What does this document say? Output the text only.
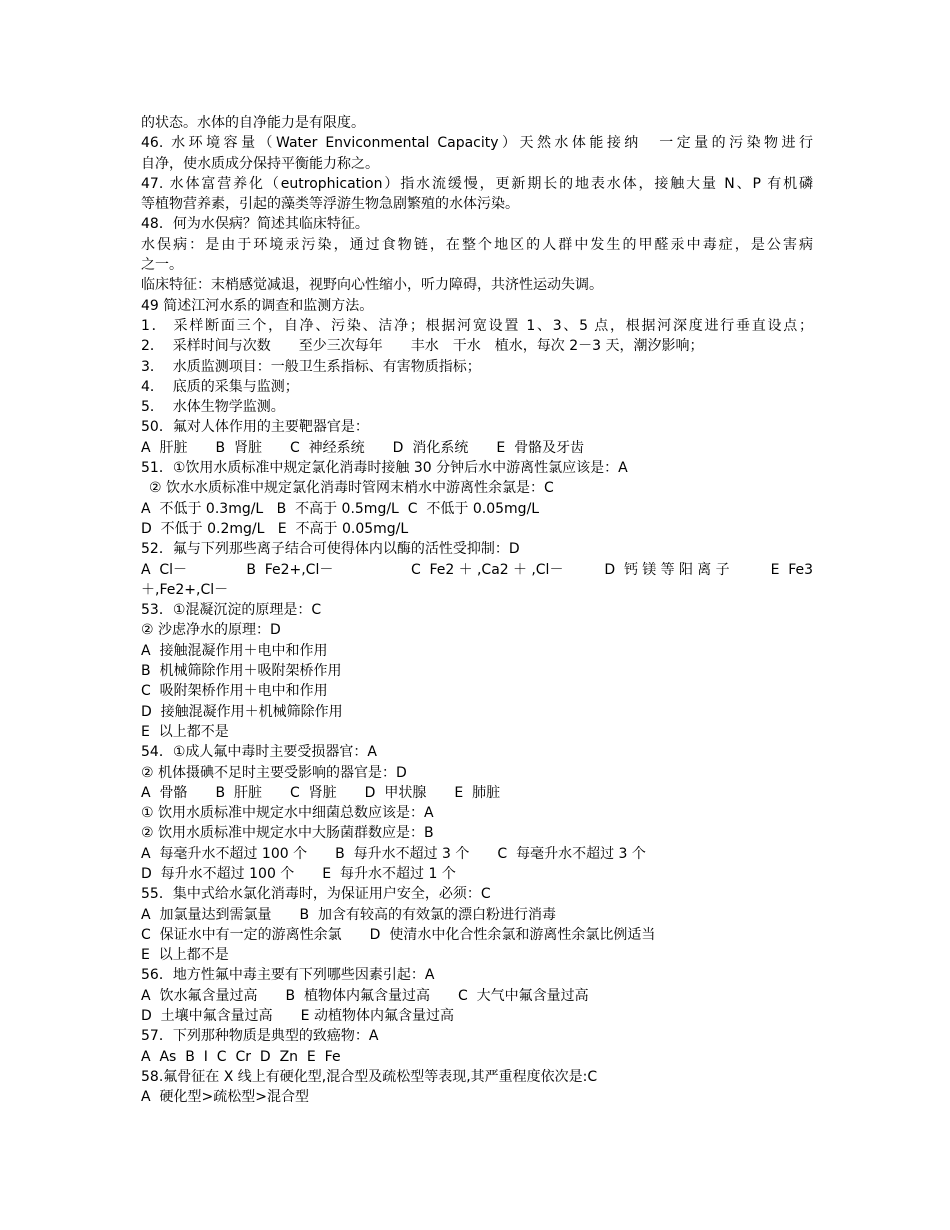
的状态。水体的自净能力是有限度。

46. 水环境容量（Water Enviconmental Capacity）天然水体能接纳　一定量的污染物进行

自净，使水质成分保持平衡能力称之。

47. 水体富营养化（eutrophication）指水流缓慢，更新期长的地表水体，接触大量 N、P 有机磷

等植物营养素，引起的藻类等浮游生物急剧繁殖的水体污染。

48．何为水俣病？简述其临床特征。

水俣病：是由于环境汞污染，通过食物链，在整个地区的人群中发生的甲醛汞中毒症，是公害病

之一。

临床特征：末梢感觉减退，视野向心性缩小，听力障碍，共济性运动失调。

49 简述江河水系的调查和监测方法。

1． 采样断面三个，自净、污染、洁净；根据河宽设置 1、3、5 点，根据河深度进行垂直设点；

2．  采样时间与次数　　至少三次每年　　丰水　干水　植水，每次 2－3 天，潮汐影响；

3．  水质监测项目：一般卫生系指标、有害物质指标；

4．  底质的采集与监测；

5．  水体生物学监测。

50．氟对人体作用的主要靶器官是：

A  肝脏　　B  肾脏　　C  神经系统　　D  消化系统　　E  骨骼及牙齿

51．①饮用水质标准中规定氯化消毒时接触 30 分钟后水中游离性氯应该是：A

② 饮水水质标准中规定氯化消毒时管网末梢水中游离性余氯是：C

A  不低于 0.3mg/L   B  不高于 0.5mg/L  C  不低于 0.05mg/L

D  不低于 0.2mg/L   E  不高于 0.05mg/L

52．氟与下列那些离子结合可使得体内以酶的活性受抑制：D

A Cl－　　　B Fe2+,Cl－　　　　C Fe2＋,Ca2＋,Cl－　　D 钙镁等阳离子　　E Fe3

＋,Fe2+,Cl－

53．①混凝沉淀的原理是：C

② 沙虑净水的原理：D

A  接触混凝作用＋电中和作用

B  机械筛除作用＋吸附架桥作用

C  吸附架桥作用＋电中和作用

D  接触混凝作用＋机械筛除作用

E  以上都不是

54．①成人氟中毒时主要受损器官：A

② 机体摄碘不足时主要受影响的器官是：D

A  骨骼　　B  肝脏　　C  肾脏　　D  甲状腺　　E  肺脏

① 饮用水质标准中规定水中细菌总数应该是：A

② 饮用水质标准中规定水中大肠菌群数应是：B

A  每毫升水不超过 100 个　　B  每升水不超过 3 个　　C  每毫升水不超过 3 个

D  每升水不超过 100 个　　E  每升水不超过 1 个

55．集中式给水氯化消毒时，为保证用户安全，必须：C

A  加氯量达到需氯量　　B  加含有较高的有效氯的漂白粉进行消毒

C  保证水中有一定的游离性余氯　　D  使清水中化合性余氯和游离性余氯比例适当

E  以上都不是

56．地方性氟中毒主要有下列哪些因素引起：A

A  饮水氟含量过高　　B  植物体内氟含量过高　　C  大气中氟含量过高

D  土壤中氟含量过高　　E 动植物体内氟含量过高

57．下列那种物质是典型的致癌物：A

A  As  B  I  C  Cr  D  Zn  E  Fe

58.氟骨征在 X 线上有硬化型,混合型及疏松型等表现,其严重程度依次是:C

A  硬化型>疏松型>混合型
